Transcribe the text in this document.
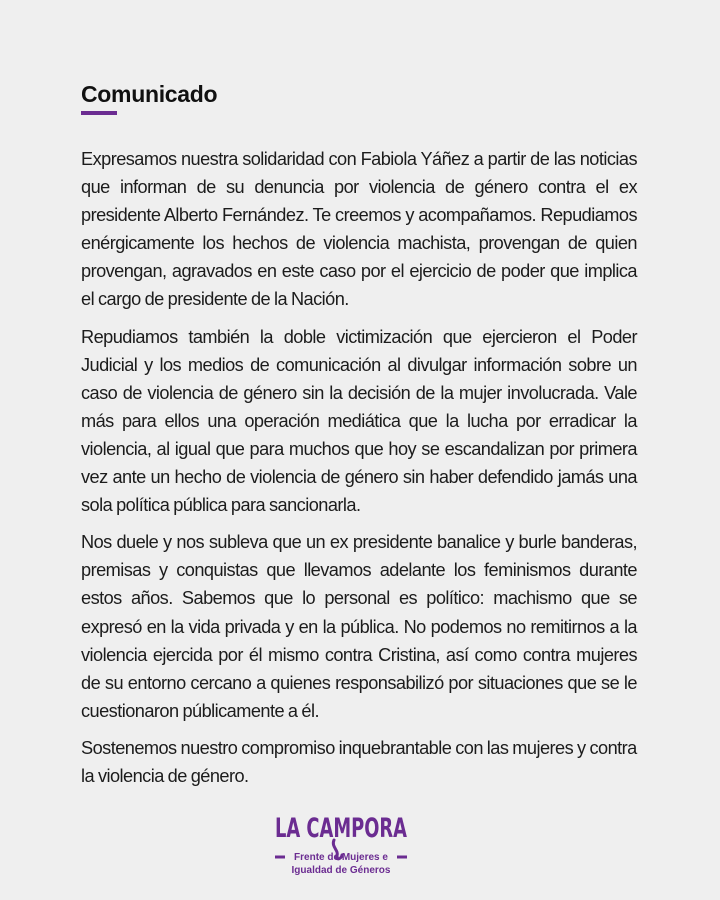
Comunicado

Expresamos nuestra solidaridad con Fabiola Yáñez a partir de las noticias que informan de su denuncia por violencia de género contra el ex presidente Alberto Fernández. Te creemos y acompañamos. Repudiamos enérgicamente los hechos de violencia machista, provengan de quien provengan, agravados en este caso por el ejercicio de poder que implica el cargo de presidente de la Nación.

Repudiamos también la doble victimización que ejercieron el Poder Judicial y los medios de comunicación al divulgar información sobre un caso de violencia de género sin la decisión de la mujer involucrada. Vale más para ellos una operación mediática que la lucha por erradicar la violencia, al igual que para muchos que hoy se escandalizan por primera vez ante un hecho de violencia de género sin haber defendido jamás una sola política pública para sancionarla.

Nos duele y nos subleva que un ex presidente banalice y burle banderas, premisas y conquistas que llevamos adelante los feminismos durante estos años. Sabemos que lo personal es político: machismo que se expresó en la vida privada y en la pública. No podemos no remitirnos a la violencia ejercida por él mismo contra Cristina, así como contra mujeres de su entorno cercano a quienes responsabilizó por situaciones que se le cuestionaron públicamente a él.

Sostenemos nuestro compromiso inquebrantable con las mujeres y contra la violencia de género.

LA CAMPORA
Frente de Mujeres e
Igualdad de Géneros
